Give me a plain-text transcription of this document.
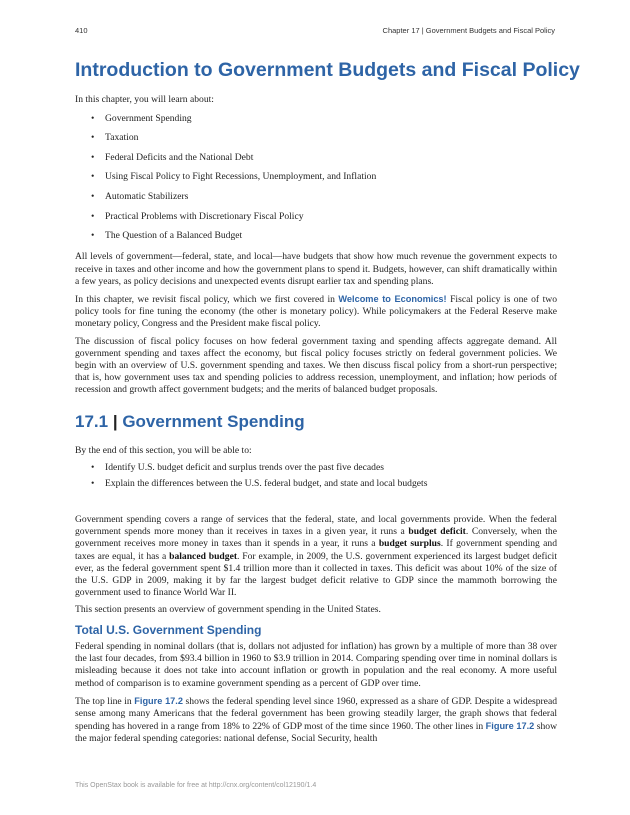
410	Chapter 17 | Government Budgets and Fiscal Policy
Introduction to Government Budgets and Fiscal Policy

In this chapter, you will learn about:

• Government Spending
• Taxation
• Federal Deficits and the National Debt
• Using Fiscal Policy to Fight Recessions, Unemployment, and Inflation
• Automatic Stabilizers
• Practical Problems with Discretionary Fiscal Policy
• The Question of a Balanced Budget

All levels of government—federal, state, and local—have budgets that show how much revenue the government expects to receive in taxes and other income and how the government plans to spend it. Budgets, however, can shift dramatically within a few years, as policy decisions and unexpected events disrupt earlier tax and spending plans.

In this chapter, we revisit fiscal policy, which we first covered in Welcome to Economics! Fiscal policy is one of two policy tools for fine tuning the economy (the other is monetary policy). While policymakers at the Federal Reserve make monetary policy, Congress and the President make fiscal policy.

The discussion of fiscal policy focuses on how federal government taxing and spending affects aggregate demand. All government spending and taxes affect the economy, but fiscal policy focuses strictly on federal government policies. We begin with an overview of U.S. government spending and taxes. We then discuss fiscal policy from a short-run perspective; that is, how government uses tax and spending policies to address recession, unemployment, and inflation; how periods of recession and growth affect government budgets; and the merits of balanced budget proposals.

17.1 | Government Spending

By the end of this section, you will be able to:

• Identify U.S. budget deficit and surplus trends over the past five decades
• Explain the differences between the U.S. federal budget, and state and local budgets

Government spending covers a range of services that the federal, state, and local governments provide. When the federal government spends more money than it receives in taxes in a given year, it runs a budget deficit. Conversely, when the government receives more money in taxes than it spends in a year, it runs a budget surplus. If government spending and taxes are equal, it has a balanced budget. For example, in 2009, the U.S. government experienced its largest budget deficit ever, as the federal government spent $1.4 trillion more than it collected in taxes. This deficit was about 10% of the size of the U.S. GDP in 2009, making it by far the largest budget deficit relative to GDP since the mammoth borrowing the government used to finance World War II.

This section presents an overview of government spending in the United States.

Total U.S. Government Spending

Federal spending in nominal dollars (that is, dollars not adjusted for inflation) has grown by a multiple of more than 38 over the last four decades, from $93.4 billion in 1960 to $3.9 trillion in 2014. Comparing spending over time in nominal dollars is misleading because it does not take into account inflation or growth in population and the real economy. A more useful method of comparison is to examine government spending as a percent of GDP over time.

The top line in Figure 17.2 shows the federal spending level since 1960, expressed as a share of GDP. Despite a widespread sense among many Americans that the federal government has been growing steadily larger, the graph shows that federal spending has hovered in a range from 18% to 22% of GDP most of the time since 1960. The other lines in Figure 17.2 show the major federal spending categories: national defense, Social Security, health

This OpenStax book is available for free at http://cnx.org/content/col12190/1.4
